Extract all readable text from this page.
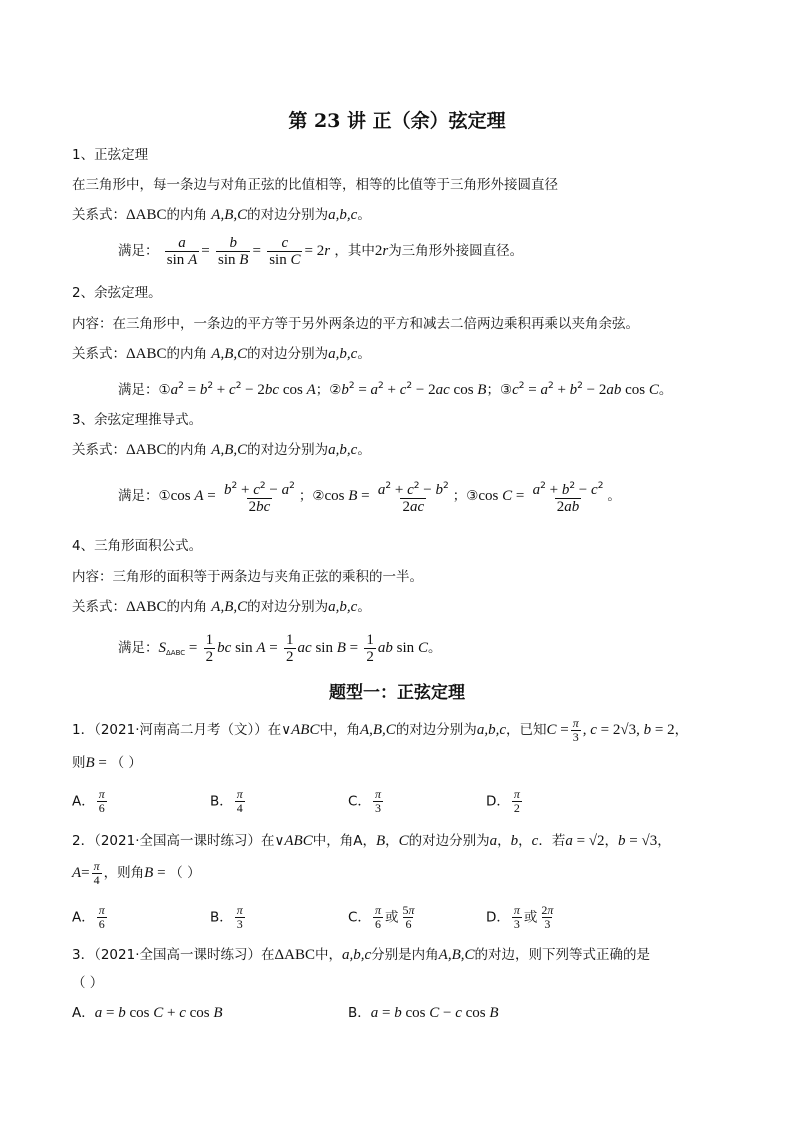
第 23 讲 正（余）弦定理
1、正弦定理
在三角形中，每一条边与对角正弦的比值相等，相等的比值等于三角形外接圆直径
关系式：ΔABC的内角 A,B,C的对边分别为a,b,c。
满足： $\frac{a}{\text{sin A}} = \frac{b}{\text{sin B}} = \frac{c}{\text{sin C}} = 2r$ ，其中2r为三角形外接圆直径。
2、余弦定理。
内容：在三角形中，一条边的平方等于另外两条边的平方和减去二倍两边乘积再乘以夹角余弦。
关系式：ΔABC的内角 A,B,C的对边分别为a,b,c。
满足：$①a^2 = b^2 + c^2 - 2bc$ cos A；$②b^2 = a^2 + c^2 - 2ac$ cos B；$③c^2 = a^2 + b^2 - 2ab$ cos C。
3、余弦定理推导式。
关系式：ΔABC的内角 A,B,C的对边分别为a,b,c。
满足：①cos $A = \frac{b^2 + c^2 - a^2}{2bc}$ ；②cos $B = \frac{a^2 + c^2 - b^2}{2ac}$ ；③cos $C = \frac{a^2 + b^2 - c^2}{2ab}$ 。
4、三角形面积公式。
内容：三角形的面积等于两条边与夹角正弦的乘积的一半。
关系式：ΔABC的内角 A,B,C的对边分别为a,b,c。
满足：$S_{\Delta ABC} = \frac{1}{2}$ bc $\sin A = \frac{1}{2}$ ac $\sin B = \frac{1}{2}$ ab sin C。
题型一：正弦定理
1．（2021·河南高二月考（文））在∨ABC中，角A,B,C的对边分别为a,b,c，已知$C = \frac{\pi}{3}$ , c = 2√3, b = 2，
则B = （ ）
A． $\frac{\pi}{6}$	B． $\frac{\pi}{4}$	C． $\frac{\pi}{3}$	D． $\frac{\pi}{2}$
2．（2021·全国高一课时练习）在∨ABC中，角A，B，C的对边分别为a，b，c．若a = √2，b = √3，
$A= \frac{\pi}{4}$ ，则角B = （ ）
A． $\frac{\pi}{6}$	B． $\frac{\pi}{3}$	C． $\frac{\pi}{6}$ 或 $\frac{5\pi}{6}$	D． $\frac{\pi}{3}$ 或 $\frac{2\pi}{3}$
3．（2021·全国高一课时练习）在ΔABC中，a,b,c分别是内角A,B,C的对边，则下列等式正确的是
（ ）
A．a = b cos C + c cos B	B．a = b cos C − c cos B
